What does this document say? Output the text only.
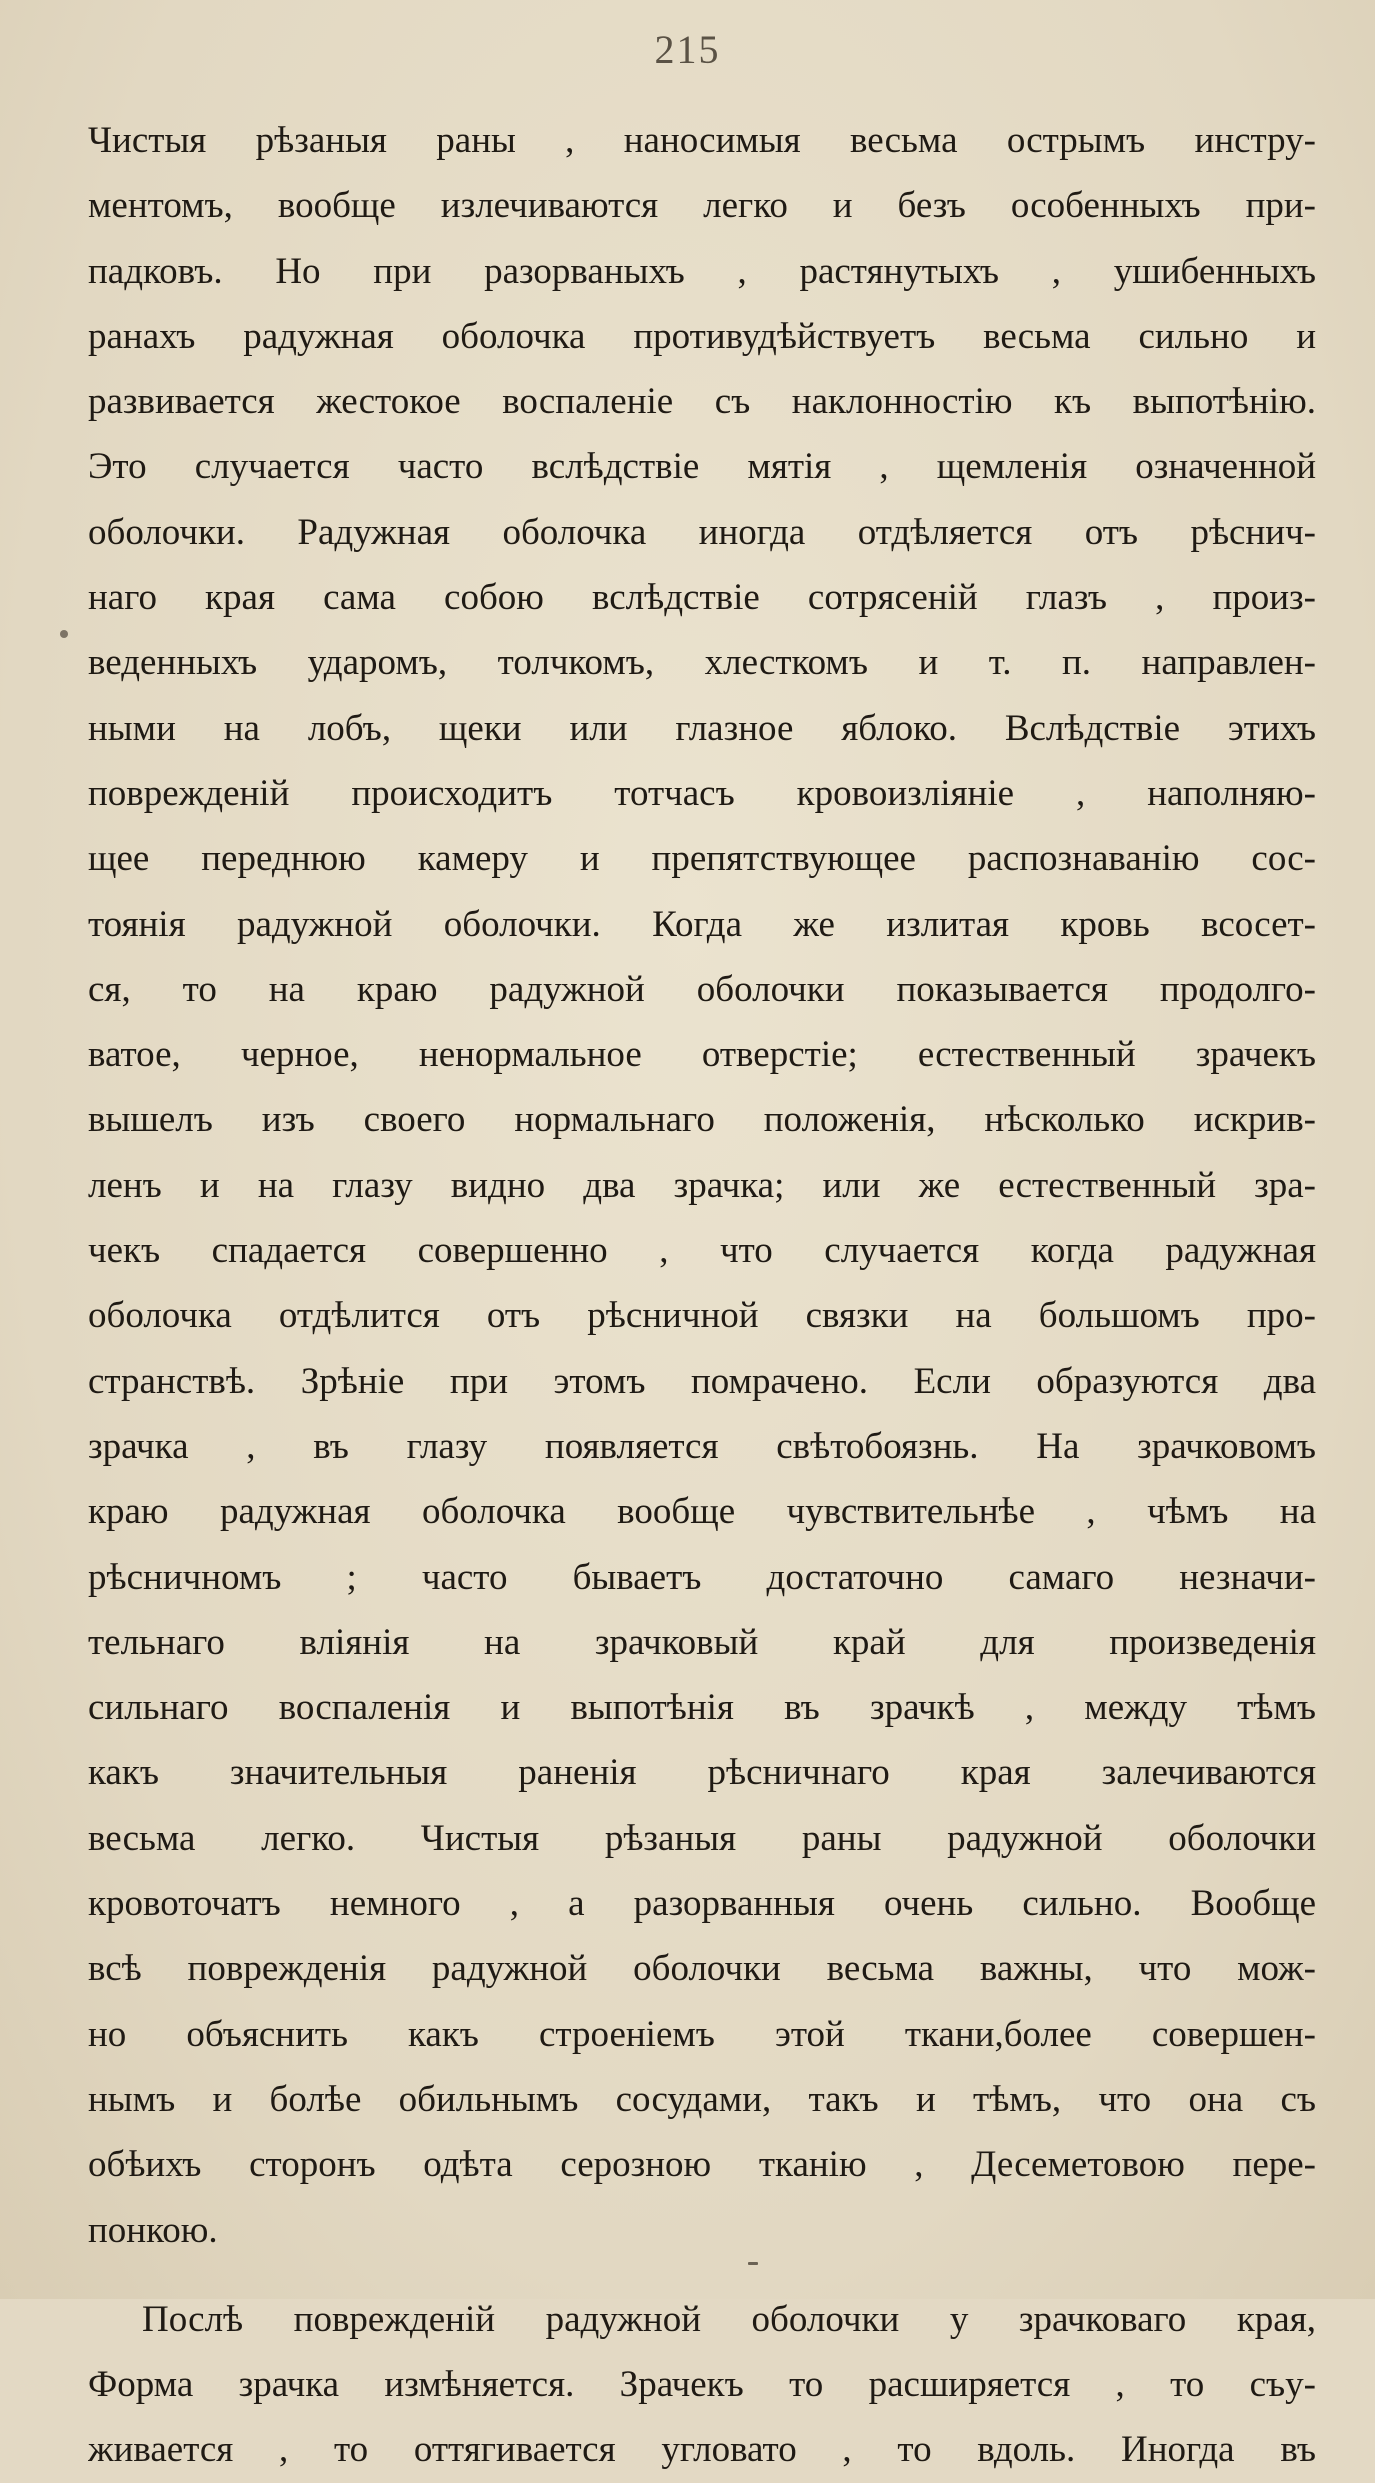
215
Чистыя рѣзаныя раны , наносимыя весьма острымъ инстру-
ментомъ, вообще излечиваются легко и безъ особенныхъ при-
падковъ. Но при разорваныхъ , растянутыхъ , ушибенныхъ
ранахъ радужная оболочка противудѣйствуетъ весьма сильно и
развивается жестокое воспаленіе съ наклонностію къ выпотѣнію.
Это случается часто вслѣдствіе мятія , щемленія означенной
оболочки. Радужная оболочка иногда отдѣляется отъ рѣснич-
наго края сама собою вслѣдствіе сотрясеній глазъ , произ-
веденныхъ ударомъ, толчкомъ, хлесткомъ и т. п. направлен-
ными на лобъ, щеки или глазное яблоко. Вслѣдствіе этихъ
поврежденій происходитъ тотчасъ кровоизліяніе , наполняю-
щее переднюю камеру и препятствующее распознаванію сос-
тоянія радужной оболочки. Когда же излитая кровь всосет-
ся, то на краю радужной оболочки показывается продолго-
ватое, черное, ненормальное отверстіе; естественный зрачекъ
вышелъ изъ своего нормальнаго положенія, нѣсколько искрив-
ленъ и на глазу видно два зрачка; или же естественный зра-
чекъ спадается совершенно , что случается когда радужная
оболочка отдѣлится отъ рѣсничной связки на большомъ про-
странствѣ. Зрѣніе при этомъ помрачено. Если образуются два
зрачка , въ глазу появляется свѣтобоязнь. На зрачковомъ
краю радужная оболочка вообще чувствительнѣе , чѣмъ на
рѣсничномъ ; часто бываетъ достаточно самаго незначи-
тельнаго вліянія на зрачковый край для произведенія
сильнаго воспаленія и выпотѣнія въ зрачкѣ , между тѣмъ
какъ значительныя раненія рѣсничнаго края залечиваются
весьма легко. Чистыя рѣзаныя раны радужной оболочки
кровоточатъ немного , а разорванныя очень сильно. Вообще
всѣ поврежденія радужной оболочки весьма важны, что мож-
но объяснить какъ строеніемъ этой ткани,более совершен-
нымъ и болѣе обильнымъ сосудами, такъ и тѣмъ, что она съ
обѣихъ сторонъ одѣта серозною тканію , Десеметовою пере-
понкою.
Послѣ поврежденій радужной оболочки у зрачковаго края,
Форма зрачка измѣняется. Зрачекъ то расширяется , то съу-
живается , то оттягивается угловато , то вдоль. Иногда въ
